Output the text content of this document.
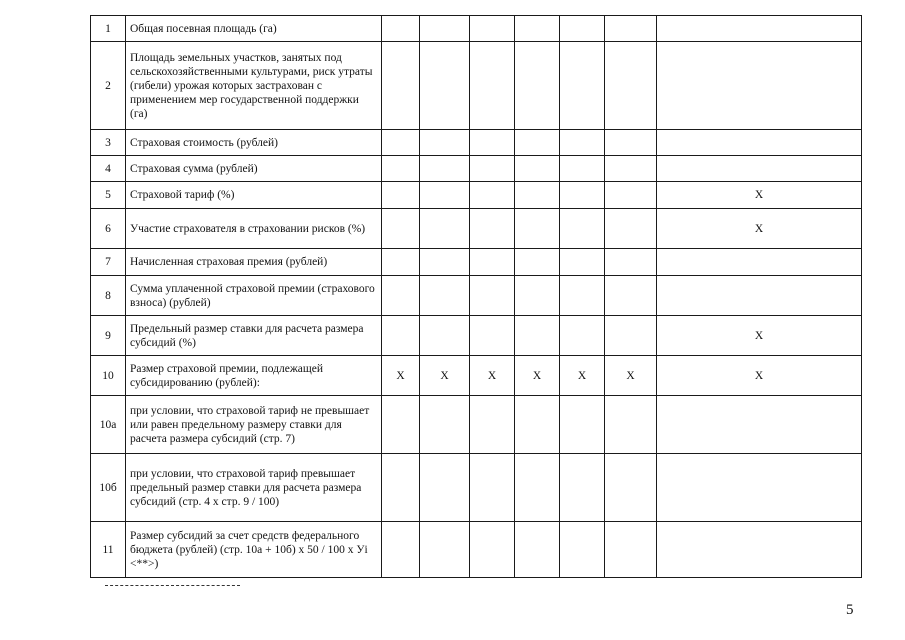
1	Общая посевная площадь (га)							
2	Площадь земельных участков, занятых под сельскохозяйственными культурами, риск утраты (гибели) урожая которых застрахован с применением мер государственной поддержки (га)							
3	Страховая стоимость (рублей)							
4	Страховая сумма (рублей)							
5	Страховой тариф (%)							X
6	Участие страхователя в страховании рисков (%)							X
7	Начисленная страховая премия (рублей)							
8	Сумма уплаченной страховой премии (страхового взноса) (рублей)							
9	Предельный размер ставки для расчета размера субсидий (%)							X
10	Размер страховой премии, подлежащей субсидированию (рублей):	X	X	X	X	X	X	X
10а	при условии, что страховой тариф не превышает или равен предельному размеру ставки для расчета размера субсидий (стр. 7)							
10б	при условии, что страховой тариф превышает предельный размер ставки для расчета размера субсидий (стр. 4 x стр. 9 / 100)							
11	Размер субсидий за счет средств федерального бюджета (рублей) (стр. 10а + 10б) x 50 / 100 x Уi <**>)							
5
